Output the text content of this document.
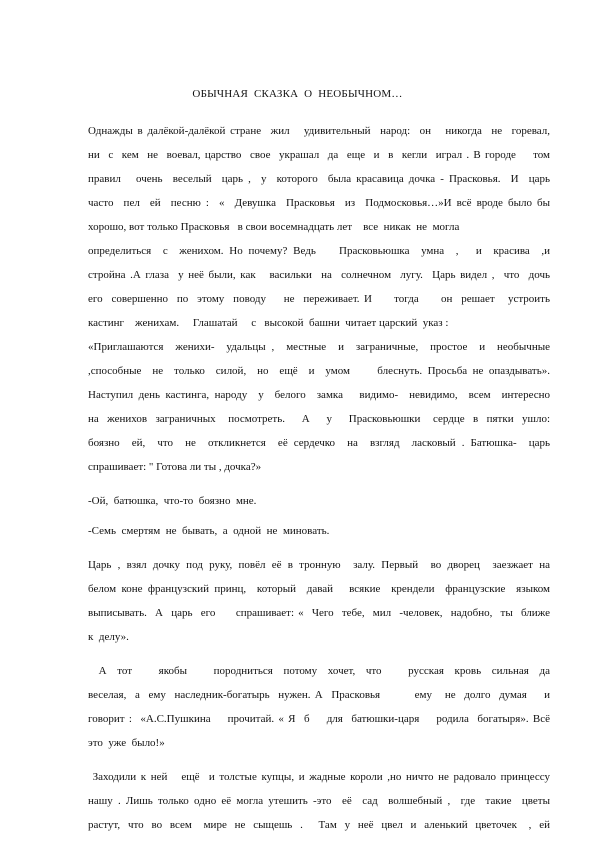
ОБЫЧНАЯ  СКАЗКА  О  НЕОБЫЧНОМ…
Однажды в далёкой-далёкой стране  жил   удивительный  народ:  он   никогда  не  горевал,
ни  с  кем  не  воевал, царство  свое  украшал  да  еще  и  в  кегли  играл . В городе    том
правил   очень  веселый  царь ,  у  которого  была красавица дочка - Прасковья.  И  царь
часто  пел  ей  песню :  «  Девушка  Прасковья  из  Подмосковья…»И всё вроде было бы
хорошо, вот только Прасковья   в свои восемнадцать лет    все  никак  не  могла
определиться  с  женихом. Но почему? Ведь    Прасковьюшка  умна  ,   и  красива  ,и
стройна .А глаза  у неё были, как   васильки  на  солнечном  лугу.  Царь видел ,  что  дочь
его  совершенно  по  этому  поводу    не  переживает. И     тогда     он  решает   устроить
кастинг    женихам.     Глашатай     с   высокой  башни  читает царский  указ :
«Приглашаются  женихи-  удальцы ,  местные  и  заграничные,  простое  и  необычные
,способные  не  только  силой,  но  ещё  и  умом     блеснуть. Просьба не опаздывать».
Наступил день кастинга, народу  у  белого  замка   видимо-  невидимо,  всем  интересно
на  женихов  заграничных   посмотреть.    А    у    Прасковьюшки   сердце  в  пятки  ушло:
боязно  ей,  что  не  откликнется  её сердечко  на  взгляд  ласковый . Батюшка-  царь
спрашивает: " Готова ли ты , дочка?»
-Ой,  батюшка,  что-то  боязно  мне.
-Семь  смертям  не  бывать,  а  одной  не  миновать.
Царь , взял дочку под руку, повёл её в тронную  залу. Первый  во дворец  заезжает на
белом коне французский принц,  который  давай   всякие  крендели  французские  языком
выписывать.  А  царь  его     спрашивает: «  Чего  тебе,  мил  -человек,  надобно,  ты  ближе
к  делу».
А  тот     якобы     породниться  потому  хочет,  что     русская  кровь  сильная  да
веселая,  а  ему  наследник-богатырь  нужен. А  Прасковья        ему   не  долго  думая    и
говорит :  «А.С.Пушкина    прочитай. « Я  б    для  батюшки-царя    родила  богатыря». Всё
это  уже  было!»
Заходили к ней   ещё  и толстые купцы, и жадные короли ,но ничто не радовало принцессу
нашу . Лишь только одно её могла утешить -это  её  сад  волшебный ,  где  такие  цветы
растут,  что  во  всем   мире  не  сыщешь  .    Там  у  неё  цвел  и  аленький  цветочек   ,  ей
